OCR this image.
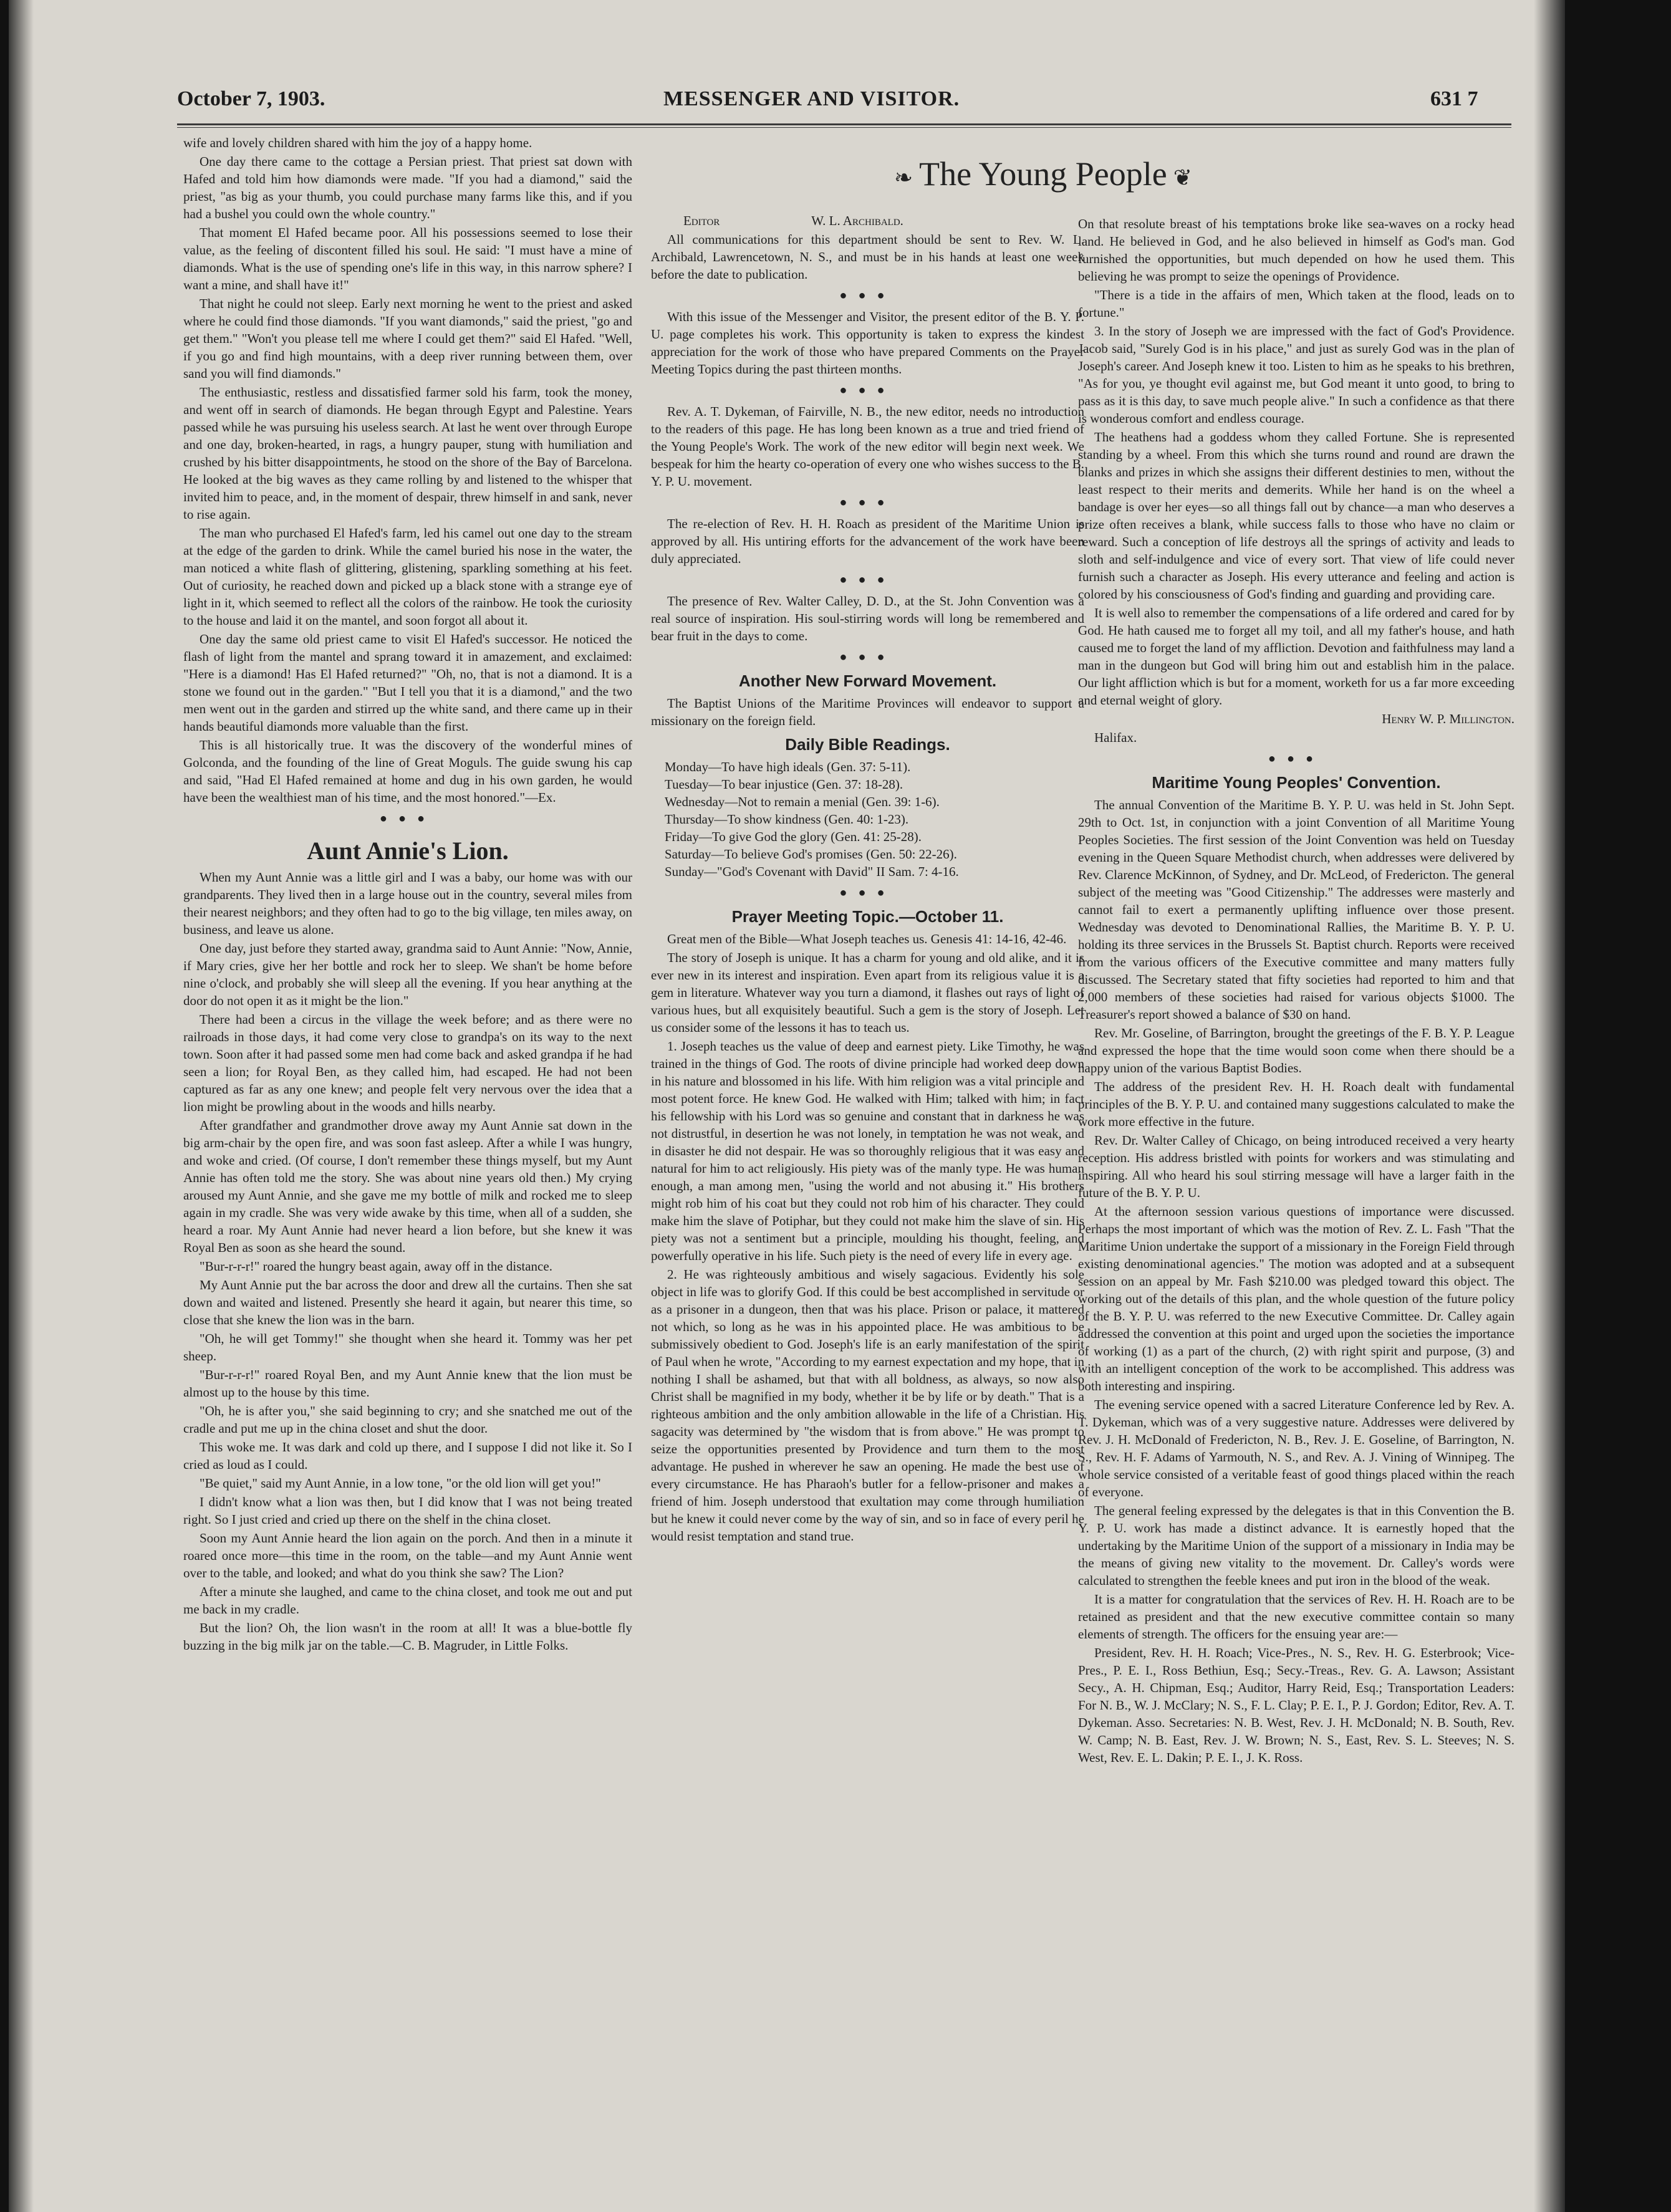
October 7, 1903.	MESSENGER AND VISITOR.	631 7

wife and lovely children shared with him the joy of a happy home.

One day there came to the cottage a Persian priest. That priest sat down with Hafed and told him how diamonds were made. "If you had a diamond," said the priest, "as big as your thumb, you could purchase many farms like this, and if you had a bushel you could own the whole country."

That moment El Hafed became poor. All his possessions seemed to lose their value, as the feeling of discontent filled his soul. He said: "I must have a mine of diamonds. What is the use of spending one's life in this way, in this narrow sphere? I want a mine, and shall have it!"

That night he could not sleep. Early next morning he went to the priest and asked where he could find those diamonds. "If you want diamonds," said the priest, "go and get them." "Won't you please tell me where I could get them?" said El Hafed. "Well, if you go and find high mountains, with a deep river running between them, over sand you will find diamonds."

The enthusiastic, restless and dissatisfied farmer sold his farm, took the money, and went off in search of diamonds. He began through Egypt and Palestine. Years passed while he was pursuing his useless search. At last he went over through Europe and one day, broken-hearted, in rags, a hungry pauper, stung with humiliation and crushed by his bitter disappointments, he stood on the shore of the Bay of Barcelona. He looked at the big waves as they came rolling by and listened to the whisper that invited him to peace, and, in the moment of despair, threw himself in and sank, never to rise again.

The man who purchased El Hafed's farm, led his camel out one day to the stream at the edge of the garden to drink. While the camel buried his nose in the water, the man noticed a white flash of glittering, glistening, sparkling something at his feet. Out of curiosity, he reached down and picked up a black stone with a strange eye of light in it, which seemed to reflect all the colors of the rainbow. He took the curiosity to the house and laid it on the mantel, and soon forgot all about it.

One day the same old priest came to visit El Hafed's successor. He noticed the flash of light from the mantel and sprang toward it in amazement, and exclaimed: "Here is a diamond! Has El Hafed returned?" "Oh, no, that is not a diamond. It is a stone we found out in the garden." "But I tell you that it is a diamond," and the two men went out in the garden and stirred up the white sand, and there came up in their hands beautiful diamonds more valuable than the first.

This is all historically true. It was the discovery of the wonderful mines of Golconda, and the founding of the line of Great Moguls. The guide swung his cap and said, "Had El Hafed remained at home and dug in his own garden, he would have been the wealthiest man of his time, and the most honored."—Ex.

●●●
Aunt Annie's Lion.

When my Aunt Annie was a little girl and I was a baby, our home was with our grandparents. They lived then in a large house out in the country, several miles from their nearest neighbors; and they often had to go to the big village, ten miles away, on business, and leave us alone.

One day, just before they started away, grandma said to Aunt Annie: "Now, Annie, if Mary cries, give her her bottle and rock her to sleep. We shan't be home before nine o'clock, and probably she will sleep all the evening. If you hear anything at the door do not open it as it might be the lion."

There had been a circus in the village the week before; and as there were no railroads in those days, it had come very close to grandpa's on its way to the next town. Soon after it had passed some men had come back and asked grandpa if he had seen a lion; for Royal Ben, as they called him, had escaped. He had not been captured as far as any one knew; and people felt very nervous over the idea that a lion might be prowling about in the woods and hills nearby.

After grandfather and grandmother drove away my Aunt Annie sat down in the big arm-chair by the open fire, and was soon fast asleep. After a while I was hungry, and woke and cried. (Of course, I don't remember these things myself, but my Aunt Annie has often told me the story. She was about nine years old then.) My crying aroused my Aunt Annie, and she gave me my bottle of milk and rocked me to sleep again in my cradle. She was very wide awake by this time, when all of a sudden, she heard a roar. My Aunt Annie had never heard a lion before, but she knew it was Royal Ben as soon as she heard the sound.

"Bur-r-r-r!" roared the hungry beast again, away off in the distance.

My Aunt Annie put the bar across the door and drew all the curtains. Then she sat down and waited and listened. Presently she heard it again, but nearer this time, so close that she knew the lion was in the barn.

"Oh, he will get Tommy!" she thought when she heard it. Tommy was her pet sheep.

"Bur-r-r-r!" roared Royal Ben, and my Aunt Annie knew that the lion must be almost up to the house by this time.

"Oh, he is after you," she said beginning to cry; and she snatched me out of the cradle and put me up in the china closet and shut the door.

This woke me. It was dark and cold up there, and I suppose I did not like it. So I cried as loud as I could.

"Be quiet," said my Aunt Annie, in a low tone, "or the old lion will get you!"

I didn't know what a lion was then, but I did know that I was not being treated right. So I just cried and cried up there on the shelf in the china closet.

Soon my Aunt Annie heard the lion again on the porch. And then in a minute it roared once more—this time in the room, on the table—and my Aunt Annie went over to the table, and looked; and what do you think she saw? The Lion?

After a minute she laughed, and came to the china closet, and took me out and put me back in my cradle.

But the lion? Oh, the lion wasn't in the room at all! It was a blue-bottle fly buzzing in the big milk jar on the table.—C. B. Magruder, in Little Folks.

❧ The Young People ❦

Editor	W. L. Archibald.

All communications for this department should be sent to Rev. W. L. Archibald, Lawrencetown, N. S., and must be in his hands at least one week before the date to publication.

●●●

With this issue of the Messenger and Visitor, the present editor of the B. Y. P. U. page completes his work. This opportunity is taken to express the kindest appreciation for the work of those who have prepared Comments on the Prayer Meeting Topics during the past thirteen months.

●●●

Rev. A. T. Dykeman, of Fairville, N. B., the new editor, needs no introduction to the readers of this page. He has long been known as a true and tried friend of the Young People's Work. The work of the new editor will begin next week. We bespeak for him the hearty co-operation of every one who wishes success to the B. Y. P. U. movement.

●●●

The re-election of Rev. H. H. Roach as president of the Maritime Union is approved by all. His untiring efforts for the advancement of the work have been duly appreciated.

●●●

The presence of Rev. Walter Calley, D. D., at the St. John Convention was a real source of inspiration. His soul-stirring words will long be remembered and bear fruit in the days to come.

●●●
Another New Forward Movement.

The Baptist Unions of the Maritime Provinces will endeavor to support a missionary on the foreign field.

Daily Bible Readings.
Monday—To have high ideals (Gen. 37: 5-11).
Tuesday—To bear injustice (Gen. 37: 18-28).
Wednesday—Not to remain a menial (Gen. 39: 1-6).
Thursday—To show kindness (Gen. 40: 1-23).
Friday—To give God the glory (Gen. 41: 25-28).
Saturday—To believe God's promises (Gen. 50: 22-26).
Sunday—"God's Covenant with David" II Sam. 7: 4-16.
●●●
Prayer Meeting Topic.—October 11.

Great men of the Bible—What Joseph teaches us. Genesis 41: 14-16, 42-46.

The story of Joseph is unique. It has a charm for young and old alike, and it is ever new in its interest and inspiration. Even apart from its religious value it is a gem in literature. Whatever way you turn a diamond, it flashes out rays of light of various hues, but all exquisitely beautiful. Such a gem is the story of Joseph. Let us consider some of the lessons it has to teach us.

1. Joseph teaches us the value of deep and earnest piety. Like Timothy, he was trained in the things of God. The roots of divine principle had worked deep down in his nature and blossomed in his life. With him religion was a vital principle and most potent force. He knew God. He walked with Him; talked with him; in fact his fellowship with his Lord was so genuine and constant that in darkness he was not distrustful, in desertion he was not lonely, in temptation he was not weak, and in disaster he did not despair. He was so thoroughly religious that it was easy and natural for him to act religiously. His piety was of the manly type. He was human enough, a man among men, "using the world and not abusing it." His brothers might rob him of his coat but they could not rob him of his character. They could make him the slave of Potiphar, but they could not make him the slave of sin. His piety was not a sentiment but a principle, moulding his thought, feeling, and powerfully operative in his life. Such piety is the need of every life in every age.

2. He was righteously ambitious and wisely sagacious. Evidently his sole object in life was to glorify God. If this could be best accomplished in servitude or as a prisoner in a dungeon, then that was his place. Prison or palace, it mattered not which, so long as he was in his appointed place. He was ambitious to be submissively obedient to God. Joseph's life is an early manifestation of the spirit of Paul when he wrote, "According to my earnest expectation and my hope, that in nothing I shall be ashamed, but that with all boldness, as always, so now also Christ shall be magnified in my body, whether it be by life or by death." That is a righteous ambition and the only ambition allowable in the life of a Christian. His sagacity was determined by "the wisdom that is from above." He was prompt to seize the opportunities presented by Providence and turn them to the most advantage. He pushed in wherever he saw an opening. He made the best use of every circumstance. He has Pharaoh's butler for a fellow-prisoner and makes a friend of him. Joseph understood that exultation may come through humiliation but he knew it could never come by the way of sin, and so in face of every peril he would resist temptation and stand true.

On that resolute breast of his temptations broke like sea-waves on a rocky head land. He believed in God, and he also believed in himself as God's man. God furnished the opportunities, but much depended on how he used them. This believing he was prompt to seize the openings of Providence.

"There is a tide in the affairs of men, Which taken at the flood, leads on to fortune."

3. In the story of Joseph we are impressed with the fact of God's Providence. Jacob said, "Surely God is in his place," and just as surely God was in the plan of Joseph's career. And Joseph knew it too. Listen to him as he speaks to his brethren, "As for you, ye thought evil against me, but God meant it unto good, to bring to pass as it is this day, to save much people alive." In such a confidence as that there is wonderous comfort and endless courage.

The heathens had a goddess whom they called Fortune. She is represented standing by a wheel. From this which she turns round and round are drawn the blanks and prizes in which she assigns their different destinies to men, without the least respect to their merits and demerits. While her hand is on the wheel a bandage is over her eyes—so all things fall out by chance—a man who deserves a prize often receives a blank, while success falls to those who have no claim or reward. Such a conception of life destroys all the springs of activity and leads to sloth and self-indulgence and vice of every sort. That view of life could never furnish such a character as Joseph. His every utterance and feeling and action is colored by his consciousness of God's finding and guarding and providing care.

It is well also to remember the compensations of a life ordered and cared for by God. He hath caused me to forget all my toil, and all my father's house, and hath caused me to forget the land of my affliction. Devotion and faithfulness may land a man in the dungeon but God will bring him out and establish him in the palace. Our light affliction which is but for a moment, worketh for us a far more exceeding and eternal weight of glory.

Henry W. P. Millington.

Halifax.

●●●
Maritime Young Peoples' Convention.

The annual Convention of the Maritime B. Y. P. U. was held in St. John Sept. 29th to Oct. 1st, in conjunction with a joint Convention of all Maritime Young Peoples Societies. The first session of the Joint Convention was held on Tuesday evening in the Queen Square Methodist church, when addresses were delivered by Rev. Clarence McKinnon, of Sydney, and Dr. McLeod, of Fredericton. The general subject of the meeting was "Good Citizenship." The addresses were masterly and cannot fail to exert a permanently uplifting influence over those present. Wednesday was devoted to Denominational Rallies, the Maritime B. Y. P. U. holding its three services in the Brussels St. Baptist church. Reports were received from the various officers of the Executive committee and many matters fully discussed. The Secretary stated that fifty societies had reported to him and that 2,000 members of these societies had raised for various objects $1000. The Treasurer's report showed a balance of $30 on hand.

Rev. Mr. Goseline, of Barrington, brought the greetings of the F. B. Y. P. League and expressed the hope that the time would soon come when there should be a happy union of the various Baptist Bodies.

The address of the president Rev. H. H. Roach dealt with fundamental principles of the B. Y. P. U. and contained many suggestions calculated to make the work more effective in the future.

Rev. Dr. Walter Calley of Chicago, on being introduced received a very hearty reception. His address bristled with points for workers and was stimulating and inspiring. All who heard his soul stirring message will have a larger faith in the future of the B. Y. P. U.

At the afternoon session various questions of importance were discussed. Perhaps the most important of which was the motion of Rev. Z. L. Fash "That the Maritime Union undertake the support of a missionary in the Foreign Field through existing denominational agencies." The motion was adopted and at a subsequent session on an appeal by Mr. Fash $210.00 was pledged toward this object. The working out of the details of this plan, and the whole question of the future policy of the B. Y. P. U. was referred to the new Executive Committee. Dr. Calley again addressed the convention at this point and urged upon the societies the importance of working (1) as a part of the church, (2) with right spirit and purpose, (3) and with an intelligent conception of the work to be accomplished. This address was both interesting and inspiring.

The evening service opened with a sacred Literature Conference led by Rev. A. T. Dykeman, which was of a very suggestive nature. Addresses were delivered by Rev. J. H. McDonald of Fredericton, N. B., Rev. J. E. Goseline, of Barrington, N. S., Rev. H. F. Adams of Yarmouth, N. S., and Rev. A. J. Vining of Winnipeg. The whole service consisted of a veritable feast of good things placed within the reach of everyone.

The general feeling expressed by the delegates is that in this Convention the B. Y. P. U. work has made a distinct advance. It is earnestly hoped that the undertaking by the Maritime Union of the support of a missionary in India may be the means of giving new vitality to the movement. Dr. Calley's words were calculated to strengthen the feeble knees and put iron in the blood of the weak.

It is a matter for congratulation that the services of Rev. H. H. Roach are to be retained as president and that the new executive committee contain so many elements of strength. The officers for the ensuing year are:—

President, Rev. H. H. Roach; Vice-Pres., N. S., Rev. H. G. Esterbrook; Vice-Pres., P. E. I., Ross Bethiun, Esq.; Secy.-Treas., Rev. G. A. Lawson; Assistant Secy., A. H. Chipman, Esq.; Auditor, Harry Reid, Esq.; Transportation Leaders: For N. B., W. J. McClary; N. S., F. L. Clay; P. E. I., P. J. Gordon; Editor, Rev. A. T. Dykeman. Asso. Secretaries: N. B. West, Rev. J. H. McDonald; N. B. South, Rev. W. Camp; N. B. East, Rev. J. W. Brown; N. S., East, Rev. S. L. Steeves; N. S. West, Rev. E. L. Dakin; P. E. I., J. K. Ross.
